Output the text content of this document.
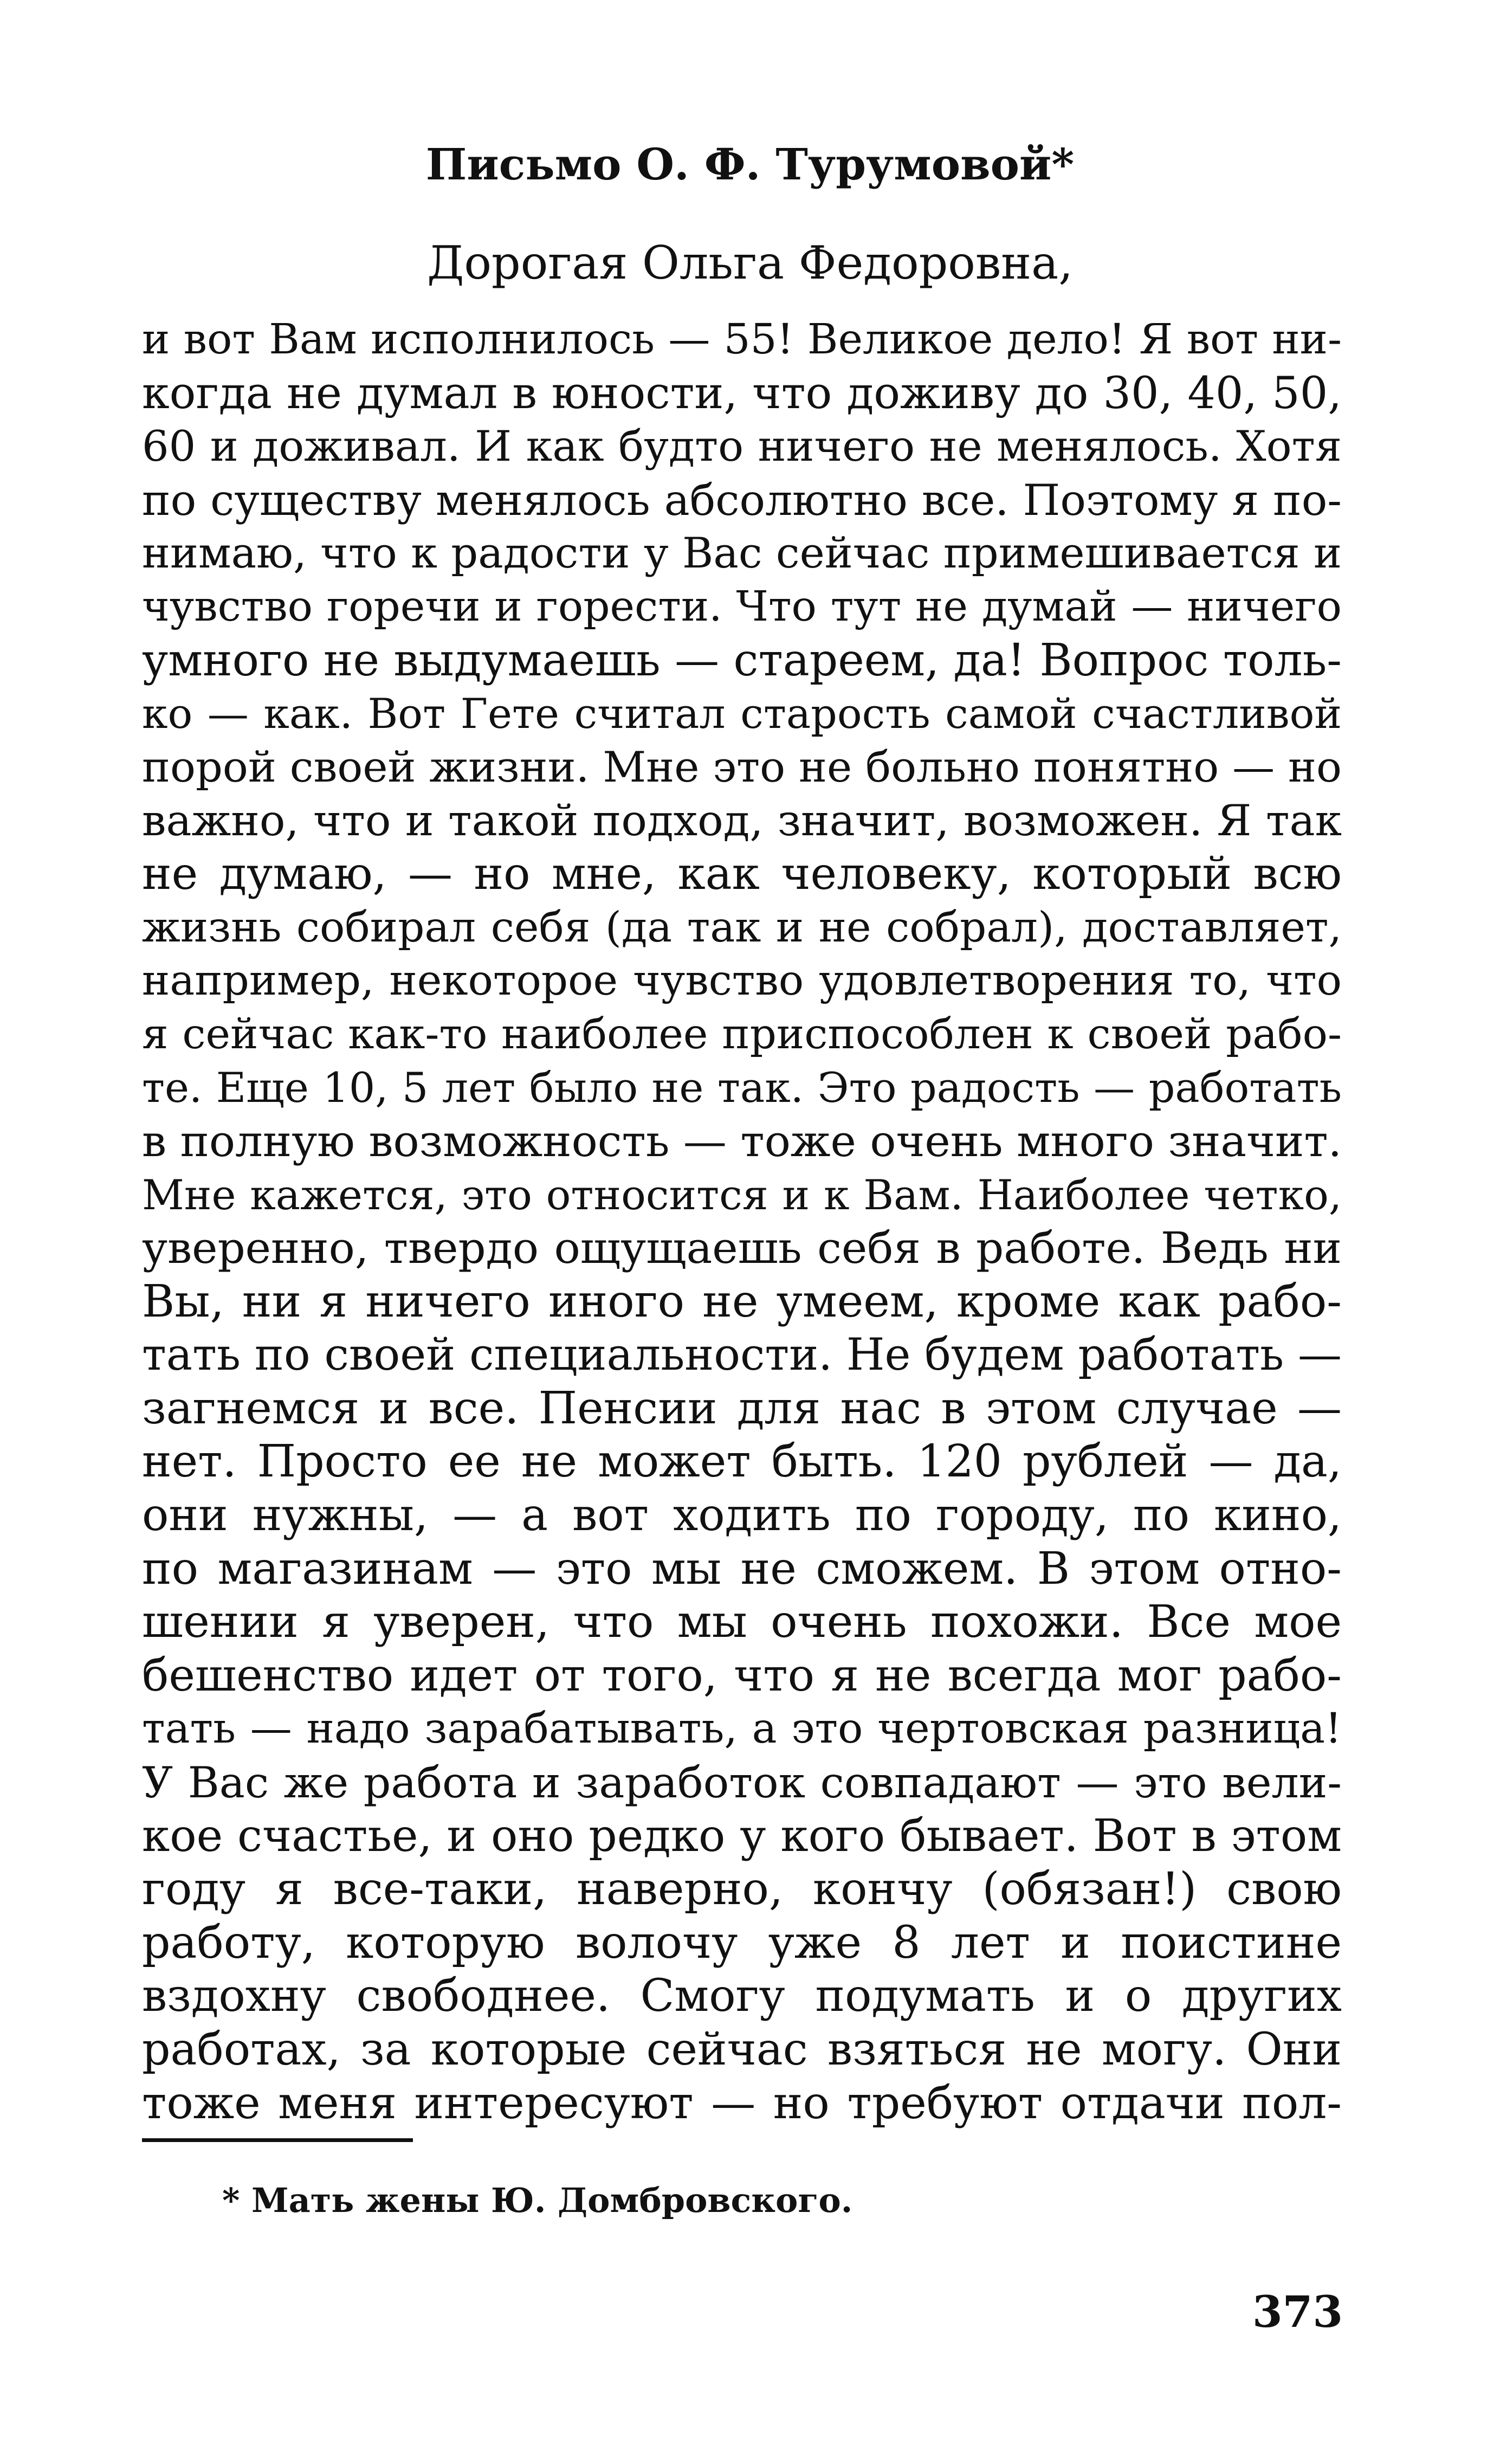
Письмо О. Ф. Турумовой*

Дорогая Ольга Федоровна,

и вот Вам исполнилось — 55! Великое дело! Я вот ни-
когда не думал в юности, что доживу до 30, 40, 50,
60 и доживал. И как будто ничего не менялось. Хотя
по существу менялось абсолютно все. Поэтому я по-
нимаю, что к радости у Вас сейчас примешивается и
чувство горечи и горести. Что тут не думай — ничего
умного не выдумаешь — стареем, да! Вопрос толь-
ко — как. Вот Гете считал старость самой счастливой
порой своей жизни. Мне это не больно понятно — но
важно, что и такой подход, значит, возможен. Я так
не думаю, — но мне, как человеку, который всю
жизнь собирал себя (да так и не собрал), доставляет,
например, некоторое чувство удовлетворения то, что
я сейчас как-то наиболее приспособлен к своей рабо-
те. Еще 10, 5 лет было не так. Это радость — работать
в полную возможность — тоже очень много значит.
Мне кажется, это относится и к Вам. Наиболее четко,
уверенно, твердо ощущаешь себя в работе. Ведь ни
Вы, ни я ничего иного не умеем, кроме как рабо-
тать по своей специальности. Не будем работать —
загнемся и все. Пенсии для нас в этом случае —
нет. Просто ее не может быть. 120 рублей — да,
они нужны, — а вот ходить по городу, по кино,
по магазинам — это мы не сможем. В этом отно-
шении я уверен, что мы очень похожи. Все мое
бешенство идет от того, что я не всегда мог рабо-
тать — надо зарабатывать, а это чертовская разница!
У Вас же работа и заработок совпадают — это вели-
кое счастье, и оно редко у кого бывает. Вот в этом
году я все-таки, наверно, кончу (обязан!) свою
работу, которую волочу уже 8 лет и поистине
вздохну свободнее. Смогу подумать и о других
работах, за которые сейчас взяться не могу. Они
тоже меня интересуют — но требуют отдачи пол-
* Мать жены Ю. Домбровского.
373
